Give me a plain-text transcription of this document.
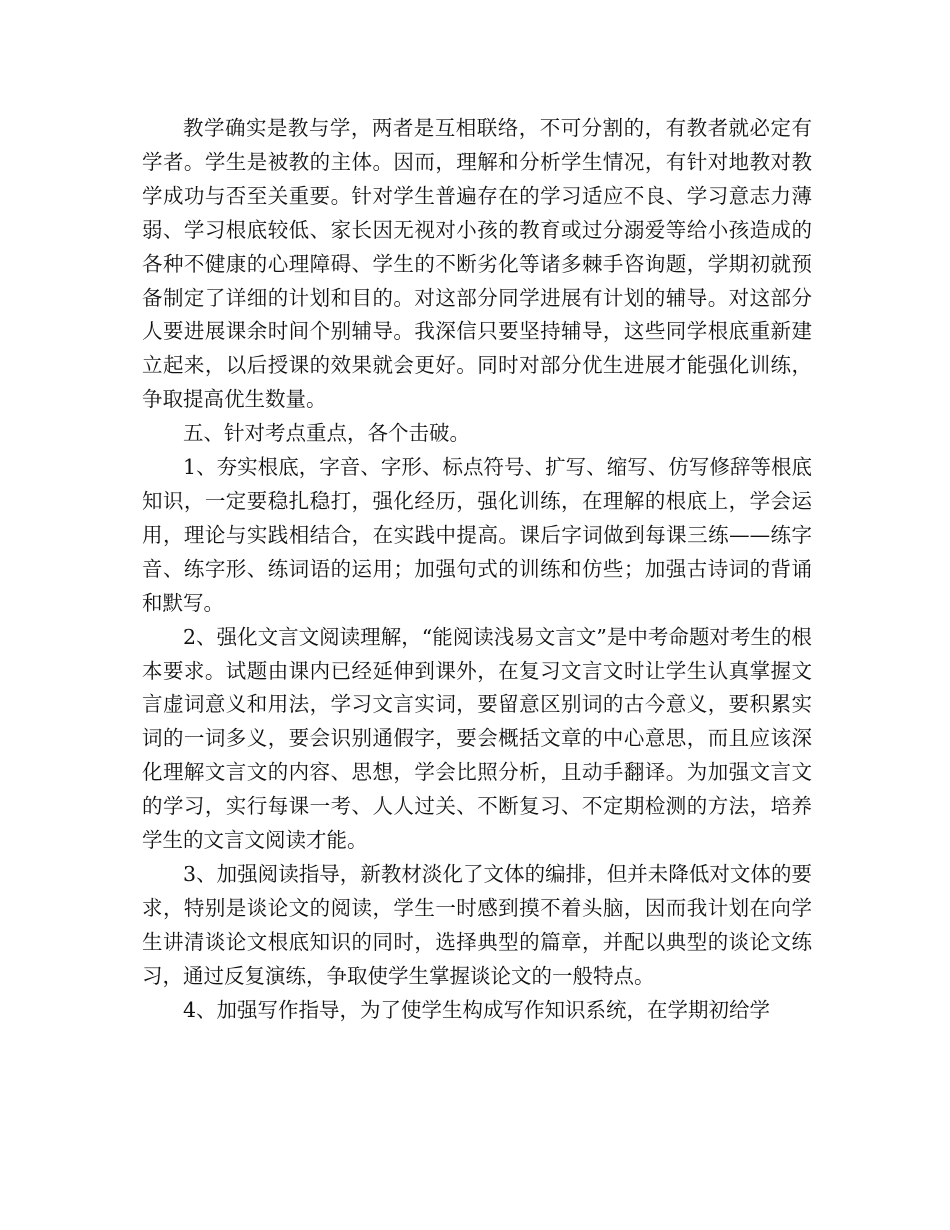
教学确实是教与学，两者是互相联络，不可分割的，有教者就必定有学者。学生是被教的主体。因而，理解和分析学生情况，有针对地教对教学成功与否至关重要。针对学生普遍存在的学习适应不良、学习意志力薄弱、学习根底较低、家长因无视对小孩的教育或过分溺爱等给小孩造成的各种不健康的心理障碍、学生的不断劣化等诸多棘手咨询题，学期初就预备制定了详细的计划和目的。对这部分同学进展有计划的辅导。对这部分人要进展课余时间个别辅导。我深信只要坚持辅导，这些同学根底重新建立起来，以后授课的效果就会更好。同时对部分优生进展才能强化训练，争取提高优生数量。

五、针对考点重点，各个击破。

1、夯实根底，字音、字形、标点符号、扩写、缩写、仿写修辞等根底知识，一定要稳扎稳打，强化经历，强化训练，在理解的根底上，学会运用，理论与实践相结合，在实践中提高。课后字词做到每课三练——练字音、练字形、练词语的运用；加强句式的训练和仿些；加强古诗词的背诵和默写。

2、强化文言文阅读理解，“能阅读浅易文言文”是中考命题对考生的根本要求。试题由课内已经延伸到课外，在复习文言文时让学生认真掌握文言虚词意义和用法，学习文言实词，要留意区别词的古今意义，要积累实词的一词多义，要会识别通假字，要会概括文章的中心意思，而且应该深化理解文言文的内容、思想，学会比照分析，且动手翻译。为加强文言文的学习，实行每课一考、人人过关、不断复习、不定期检测的方法，培养学生的文言文阅读才能。

3、加强阅读指导，新教材淡化了文体的编排，但并未降低对文体的要求，特别是谈论文的阅读，学生一时感到摸不着头脑，因而我计划在向学生讲清谈论文根底知识的同时，选择典型的篇章，并配以典型的谈论文练习，通过反复演练，争取使学生掌握谈论文的一般特点。

4、加强写作指导，为了使学生构成写作知识系统，在学期初给学
